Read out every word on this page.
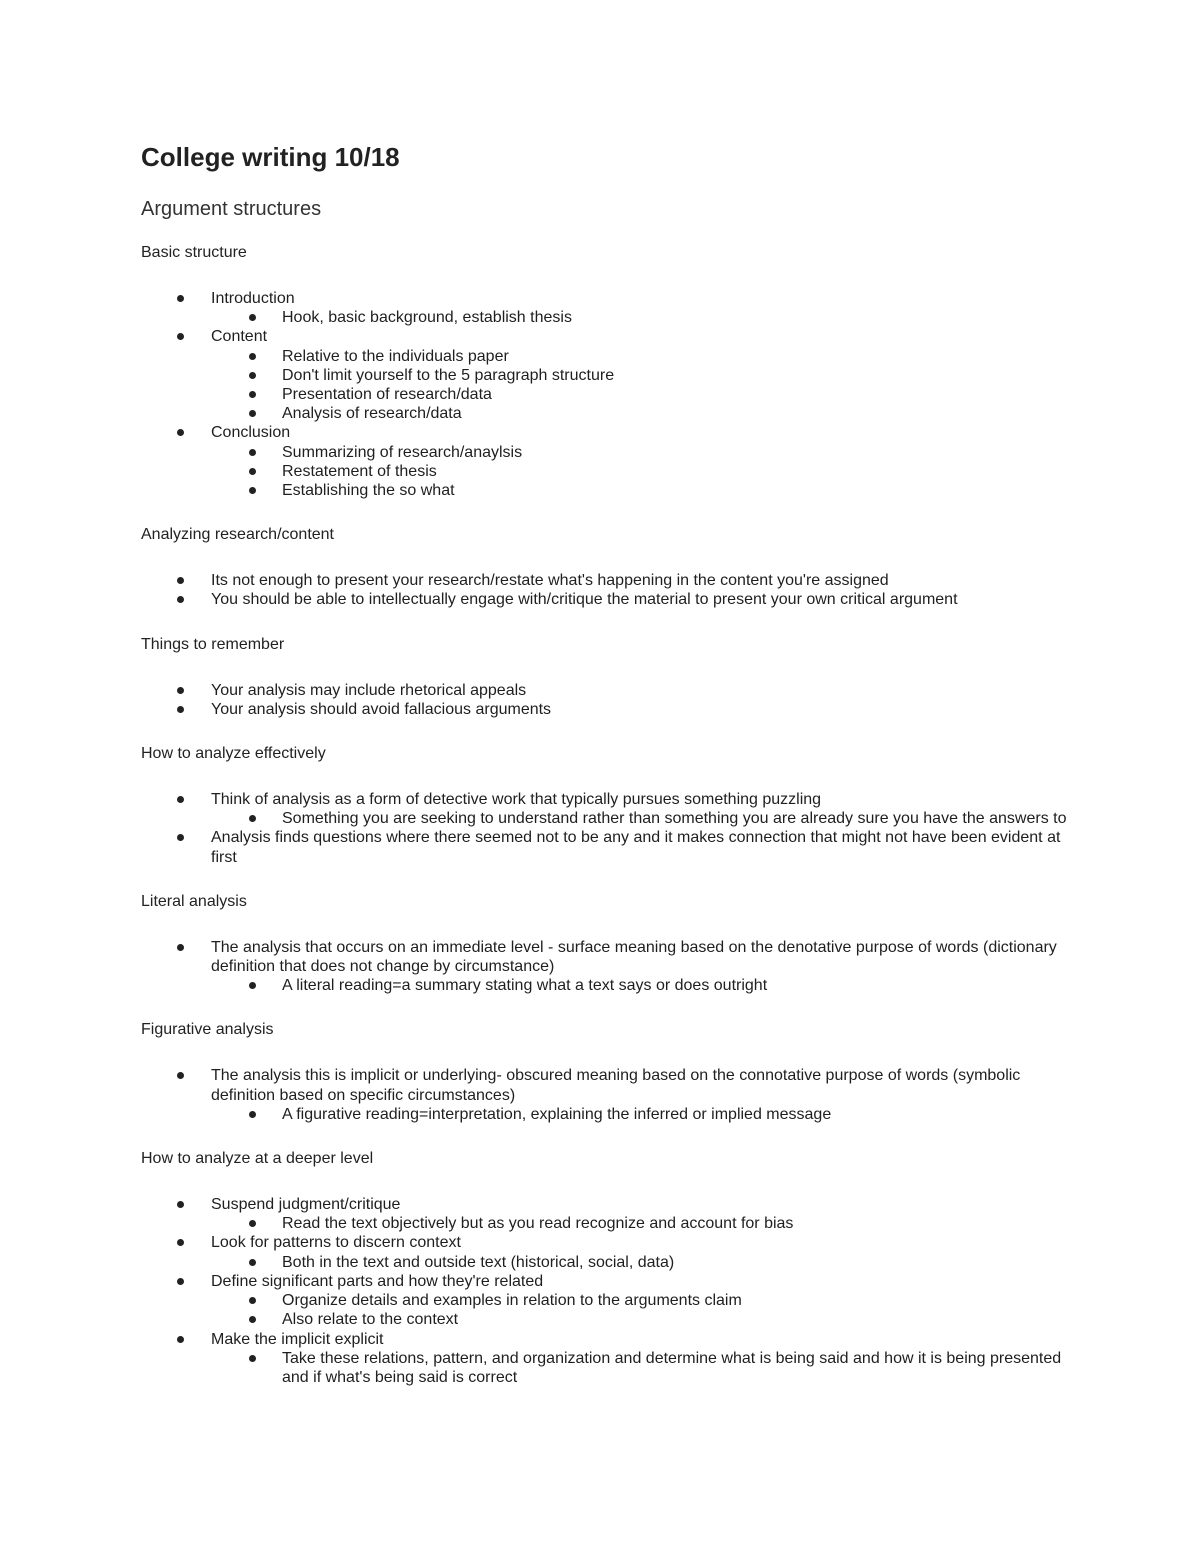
College writing 10/18
Argument structures
Basic structure
Introduction
Hook, basic background, establish thesis
Content
Relative to the individuals paper
Don't limit yourself to the 5 paragraph structure
Presentation of research/data
Analysis of research/data
Conclusion
Summarizing of research/anaylsis
Restatement of thesis
Establishing the so what
Analyzing research/content
Its not enough to present your research/restate what's happening in the content you're assigned
You should be able to intellectually engage with/critique the material to present your own critical argument
Things to remember
Your analysis may include rhetorical appeals
Your analysis should avoid fallacious arguments
How to analyze effectively
Think of analysis as a form of detective work that typically pursues something puzzling
Something you are seeking to understand rather than something you are already sure you have the answers to
Analysis finds questions where there seemed not to be any and it makes connection that might not have been evident at first
Literal analysis
The analysis that occurs on an immediate level - surface meaning based on the denotative purpose of words (dictionary definition that does not change by circumstance)
A literal reading=a summary stating what a text says or does outright
Figurative analysis
The analysis this is implicit or underlying- obscured meaning based on the connotative purpose of words (symbolic definition based on specific circumstances)
A figurative reading=interpretation, explaining the inferred or implied message
How to analyze at a deeper level
Suspend judgment/critique
Read the text objectively but as you read recognize and account for bias
Look for patterns to discern context
Both in the text and outside text (historical, social, data)
Define significant parts and how they're related
Organize details and examples in relation to the arguments claim
Also relate to the context
Make the implicit explicit
Take these relations, pattern, and organization and determine what is being said and how it is being presented and if what's being said is correct
